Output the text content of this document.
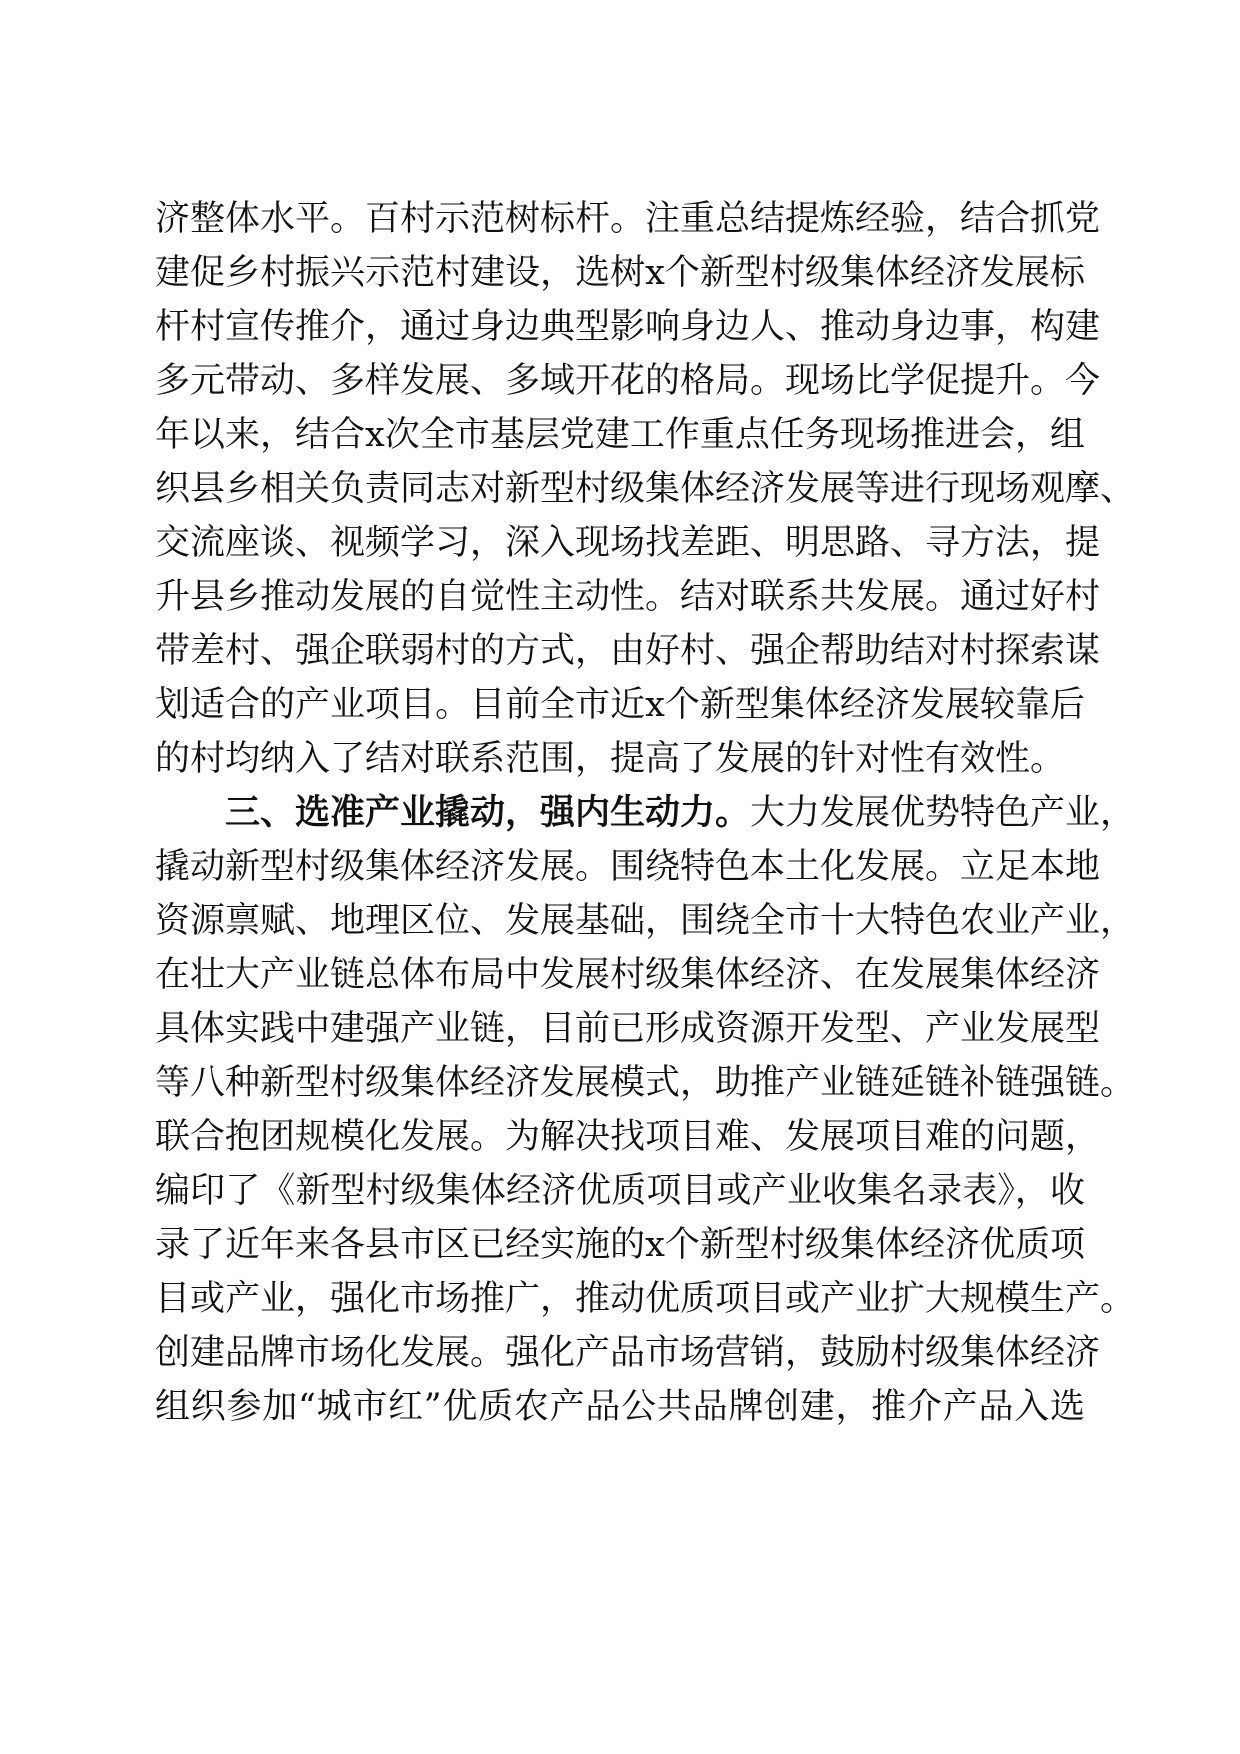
济整体水平。百村示范树标杆。注重总结提炼经验，结合抓党
建促乡村振兴示范村建设，选树x个新型村级集体经济发展标
杆村宣传推介，通过身边典型影响身边人、推动身边事，构建
多元带动、多样发展、多域开花的格局。现场比学促提升。今
年以来，结合x次全市基层党建工作重点任务现场推进会，组
织县乡相关负责同志对新型村级集体经济发展等进行现场观摩、
交流座谈、视频学习，深入现场找差距、明思路、寻方法，提
升县乡推动发展的自觉性主动性。结对联系共发展。通过好村
带差村、强企联弱村的方式，由好村、强企帮助结对村探索谋
划适合的产业项目。目前全市近x个新型集体经济发展较靠后
的村均纳入了结对联系范围，提高了发展的针对性有效性。
三、选准产业撬动，强内生动力。大力发展优势特色产业，
撬动新型村级集体经济发展。围绕特色本土化发展。立足本地
资源禀赋、地理区位、发展基础，围绕全市十大特色农业产业，
在壮大产业链总体布局中发展村级集体经济、在发展集体经济
具体实践中建强产业链，目前已形成资源开发型、产业发展型
等八种新型村级集体经济发展模式，助推产业链延链补链强链。
联合抱团规模化发展。为解决找项目难、发展项目难的问题，
编印了《新型村级集体经济优质项目或产业收集名录表》，收
录了近年来各县市区已经实施的x个新型村级集体经济优质项
目或产业，强化市场推广，推动优质项目或产业扩大规模生产。
创建品牌市场化发展。强化产品市场营销，鼓励村级集体经济
组织参加“城市红”优质农产品公共品牌创建，推介产品入选
